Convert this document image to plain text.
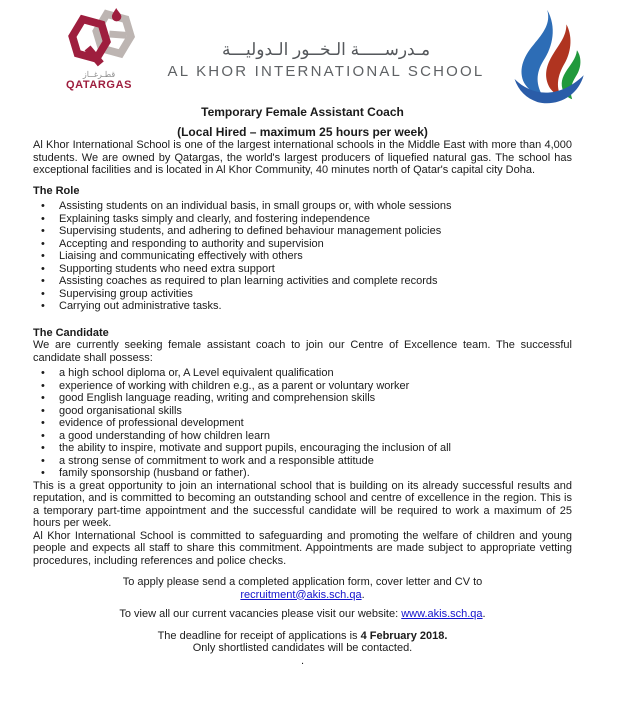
قطـرغــاز
QATARGAS
مـدرســـــة الـخــور الـدوليـــة
AL KHOR INTERNATIONAL SCHOOL
Temporary Female Assistant Coach
(Local Hired – maximum 25 hours per week)

Al Khor International School is one of the largest international schools in the Middle East with more than 4,000 students. We are owned by Qatargas, the world's largest producers of liquefied natural gas. The school has exceptional facilities and is located in Al Khor Community, 40 minutes north of Qatar's capital city Doha.

The Role

• Assisting students on an individual basis, in small groups or, with whole sessions
• Explaining tasks simply and clearly, and fostering independence
• Supervising students, and adhering to defined behaviour management policies
• Accepting and responding to authority and supervision
• Liaising and communicating effectively with others
• Supporting students who need extra support
• Assisting coaches as required to plan learning activities and complete records
• Supervising group activities
• Carrying out administrative tasks.

The Candidate

We are currently seeking female assistant coach to join our Centre of Excellence team. The successful candidate shall possess:

• a high school diploma or, A Level equivalent qualification
• experience of working with children e.g., as a parent or voluntary worker
• good English language reading, writing and comprehension skills
• good organisational skills
• evidence of professional development
• a good understanding of how children learn
• the ability to inspire, motivate and support pupils, encouraging the inclusion of all
• a strong sense of commitment to work and a responsible attitude
• family sponsorship (husband or father).

This is a great opportunity to join an international school that is building on its already successful results and reputation, and is committed to becoming an outstanding school and centre of excellence in the region. This is a temporary part-time appointment and the successful candidate will be required to work a maximum of 25 hours per week.

Al Khor International School is committed to safeguarding and promoting the welfare of children and young people and expects all staff to share this commitment. Appointments are made subject to appropriate vetting procedures, including references and police checks.

To apply please send a completed application form, cover letter and CV to
recruitment@akis.sch.qa.

To view all our current vacancies please visit our website: www.akis.sch.qa.

The deadline for receipt of applications is 4 February 2018.
Only shortlisted candidates will be contacted.

.
